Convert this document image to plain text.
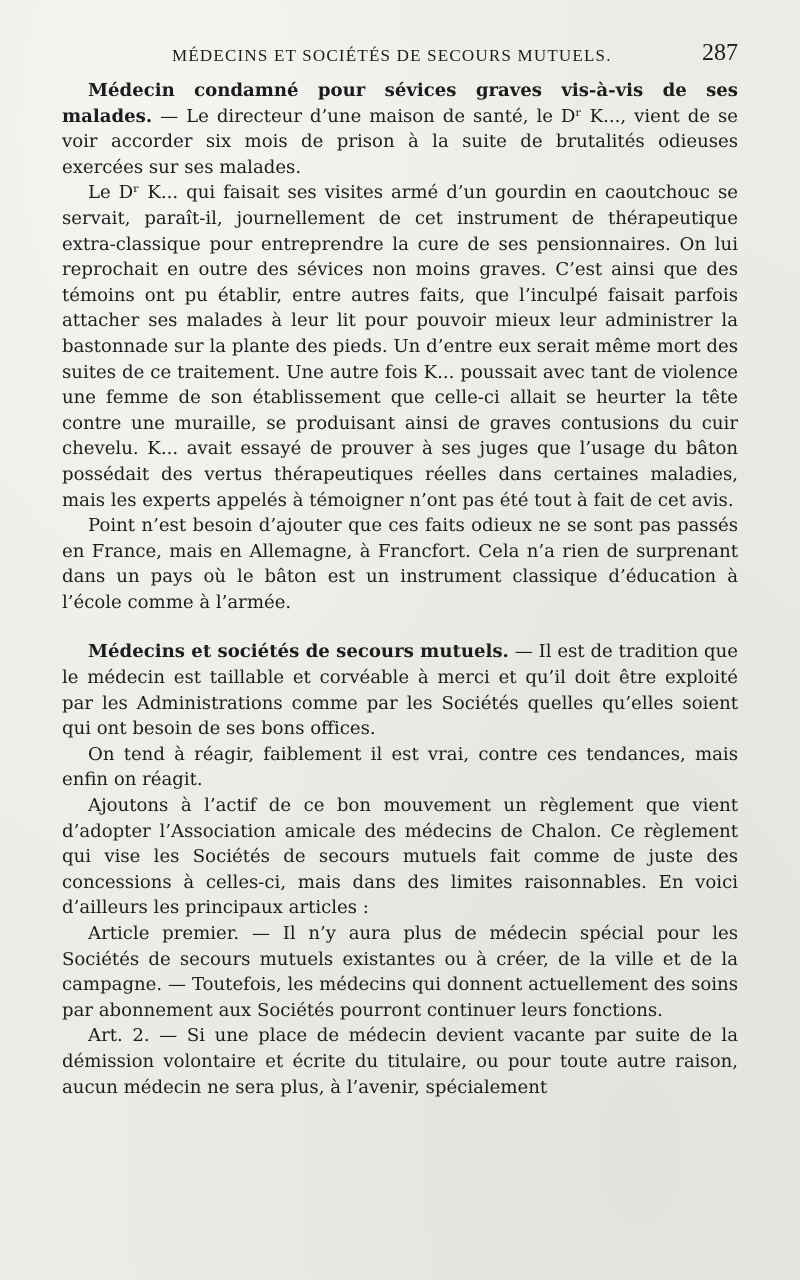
MÉDECINS ET SOCIÉTÉS DE SECOURS MUTUELS.	287

Médecin condamné pour sévices graves vis-à-vis de ses malades. — Le directeur d’une maison de santé, le Dʳ K..., vient de se voir accorder six mois de prison à la suite de brutalités odieuses exercées sur ses malades.

Le Dʳ K... qui faisait ses visites armé d’un gourdin en caoutchouc se servait, paraît-il, journellement de cet instrument de thérapeutique extra-classique pour entreprendre la cure de ses pensionnaires. On lui reprochait en outre des sévices non moins graves. C’est ainsi que des témoins ont pu établir, entre autres faits, que l’inculpé faisait parfois attacher ses malades à leur lit pour pouvoir mieux leur administrer la bastonnade sur la plante des pieds. Un d’entre eux serait même mort des suites de ce traitement. Une autre fois K... poussait avec tant de violence une femme de son établissement que celle-ci allait se heurter la tête contre une muraille, se produisant ainsi de graves contusions du cuir chevelu. K... avait essayé de prouver à ses juges que l’usage du bâton possédait des vertus thérapeutiques réelles dans certaines maladies, mais les experts appelés à témoigner n’ont pas été tout à fait de cet avis.

Point n’est besoin d’ajouter que ces faits odieux ne se sont pas passés en France, mais en Allemagne, à Francfort. Cela n’a rien de surprenant dans un pays où le bâton est un instrument classique d’éducation à l’école comme à l’armée.

Médecins et sociétés de secours mutuels. — Il est de tradition que le médecin est taillable et corvéable à merci et qu’il doit être exploité par les Administrations comme par les Sociétés quelles qu’elles soient qui ont besoin de ses bons offices.

On tend à réagir, faiblement il est vrai, contre ces tendances, mais enfin on réagit.

Ajoutons à l’actif de ce bon mouvement un règlement que vient d’adopter l’Association amicale des médecins de Chalon. Ce règlement qui vise les Sociétés de secours mutuels fait comme de juste des concessions à celles-ci, mais dans des limites raisonnables. En voici d’ailleurs les principaux articles :

Article premier. — Il n’y aura plus de médecin spécial pour les Sociétés de secours mutuels existantes ou à créer, de la ville et de la campagne. — Toutefois, les médecins qui donnent actuellement des soins par abonnement aux Sociétés pourront continuer leurs fonctions.

Art. 2. — Si une place de médecin devient vacante par suite de la démission volontaire et écrite du titulaire, ou pour toute autre raison, aucun médecin ne sera plus, à l’avenir, spécialement
